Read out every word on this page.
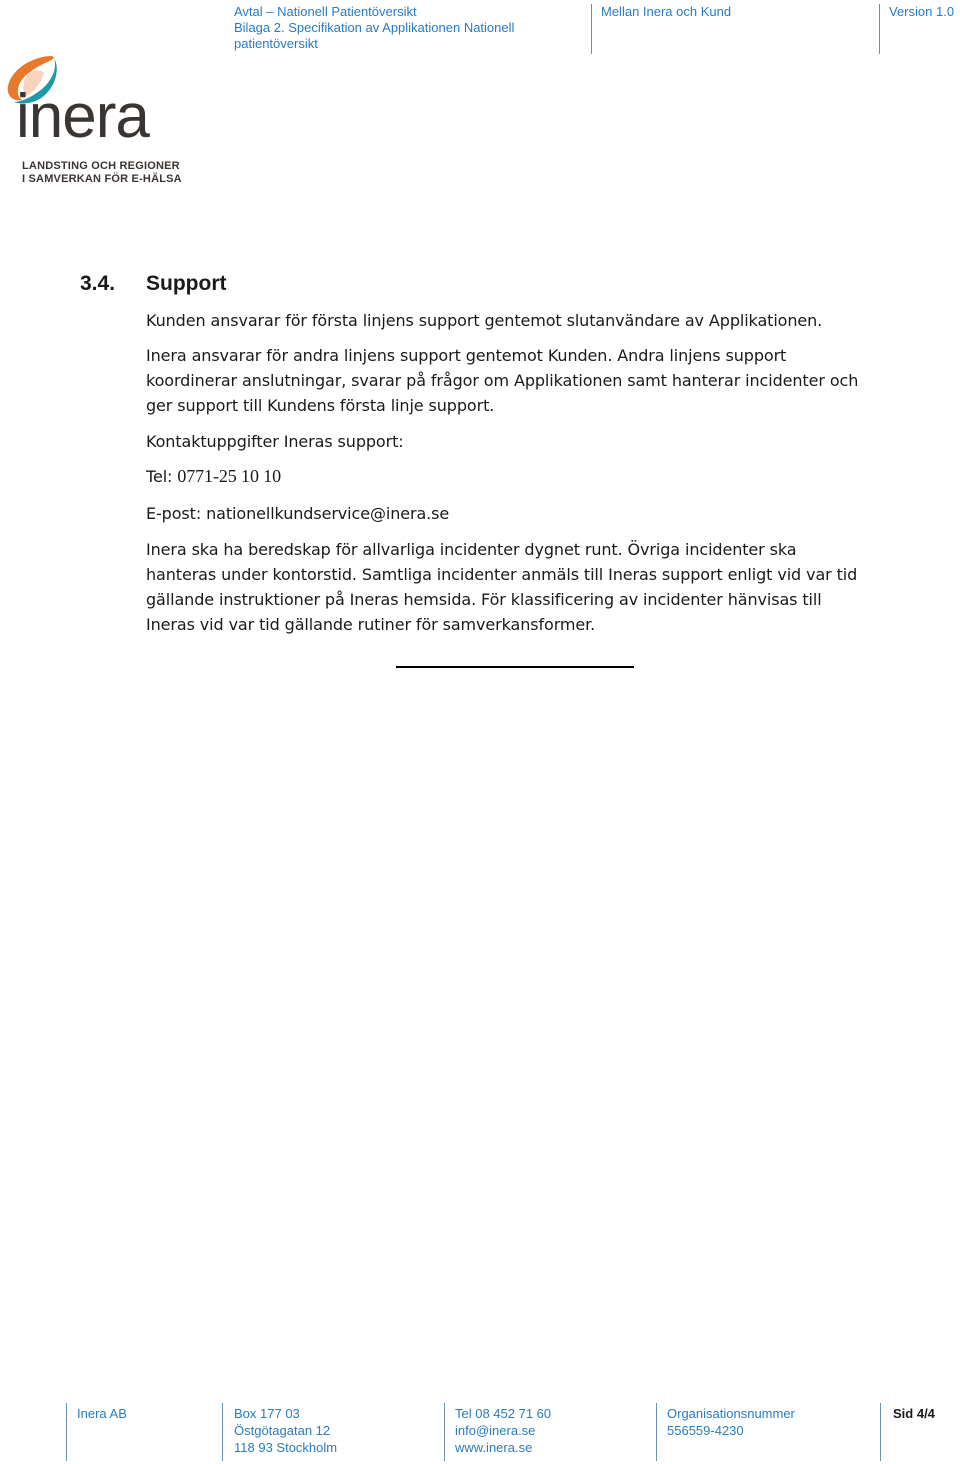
Avtal – Nationell Patientöversikt
Bilaga 2. Specifikation av Applikationen Nationell patientöversikt
Mellan Inera och Kund	Version 1.0
inera
LANDSTING OCH REGIONER
I SAMVERKAN FÖR E-HÄLSA
3.4. Support
Kunden ansvarar för första linjens support gentemot slutanvändare av Applikationen.
Inera ansvarar för andra linjens support gentemot Kunden. Andra linjens support koordinerar anslutningar, svarar på frågor om Applikationen samt hanterar incidenter och ger support till Kundens första linje support.
Kontaktuppgifter Ineras support:
Tel: 0771-25 10 10
E-post: nationellkundservice@inera.se
Inera ska ha beredskap för allvarliga incidenter dygnet runt. Övriga incidenter ska hanteras under kontorstid. Samtliga incidenter anmäls till Ineras support enligt vid var tid gällande instruktioner på Ineras hemsida. För klassificering av incidenter hänvisas till Ineras vid var tid gällande rutiner för samverkansformer.
Inera AB	Box 177 03
Östgötagatan 12
118 93 Stockholm
Tel 08 452 71 60
info@inera.se
www.inera.se
Organisationsnummer
556559-4230
Sid 4/4
